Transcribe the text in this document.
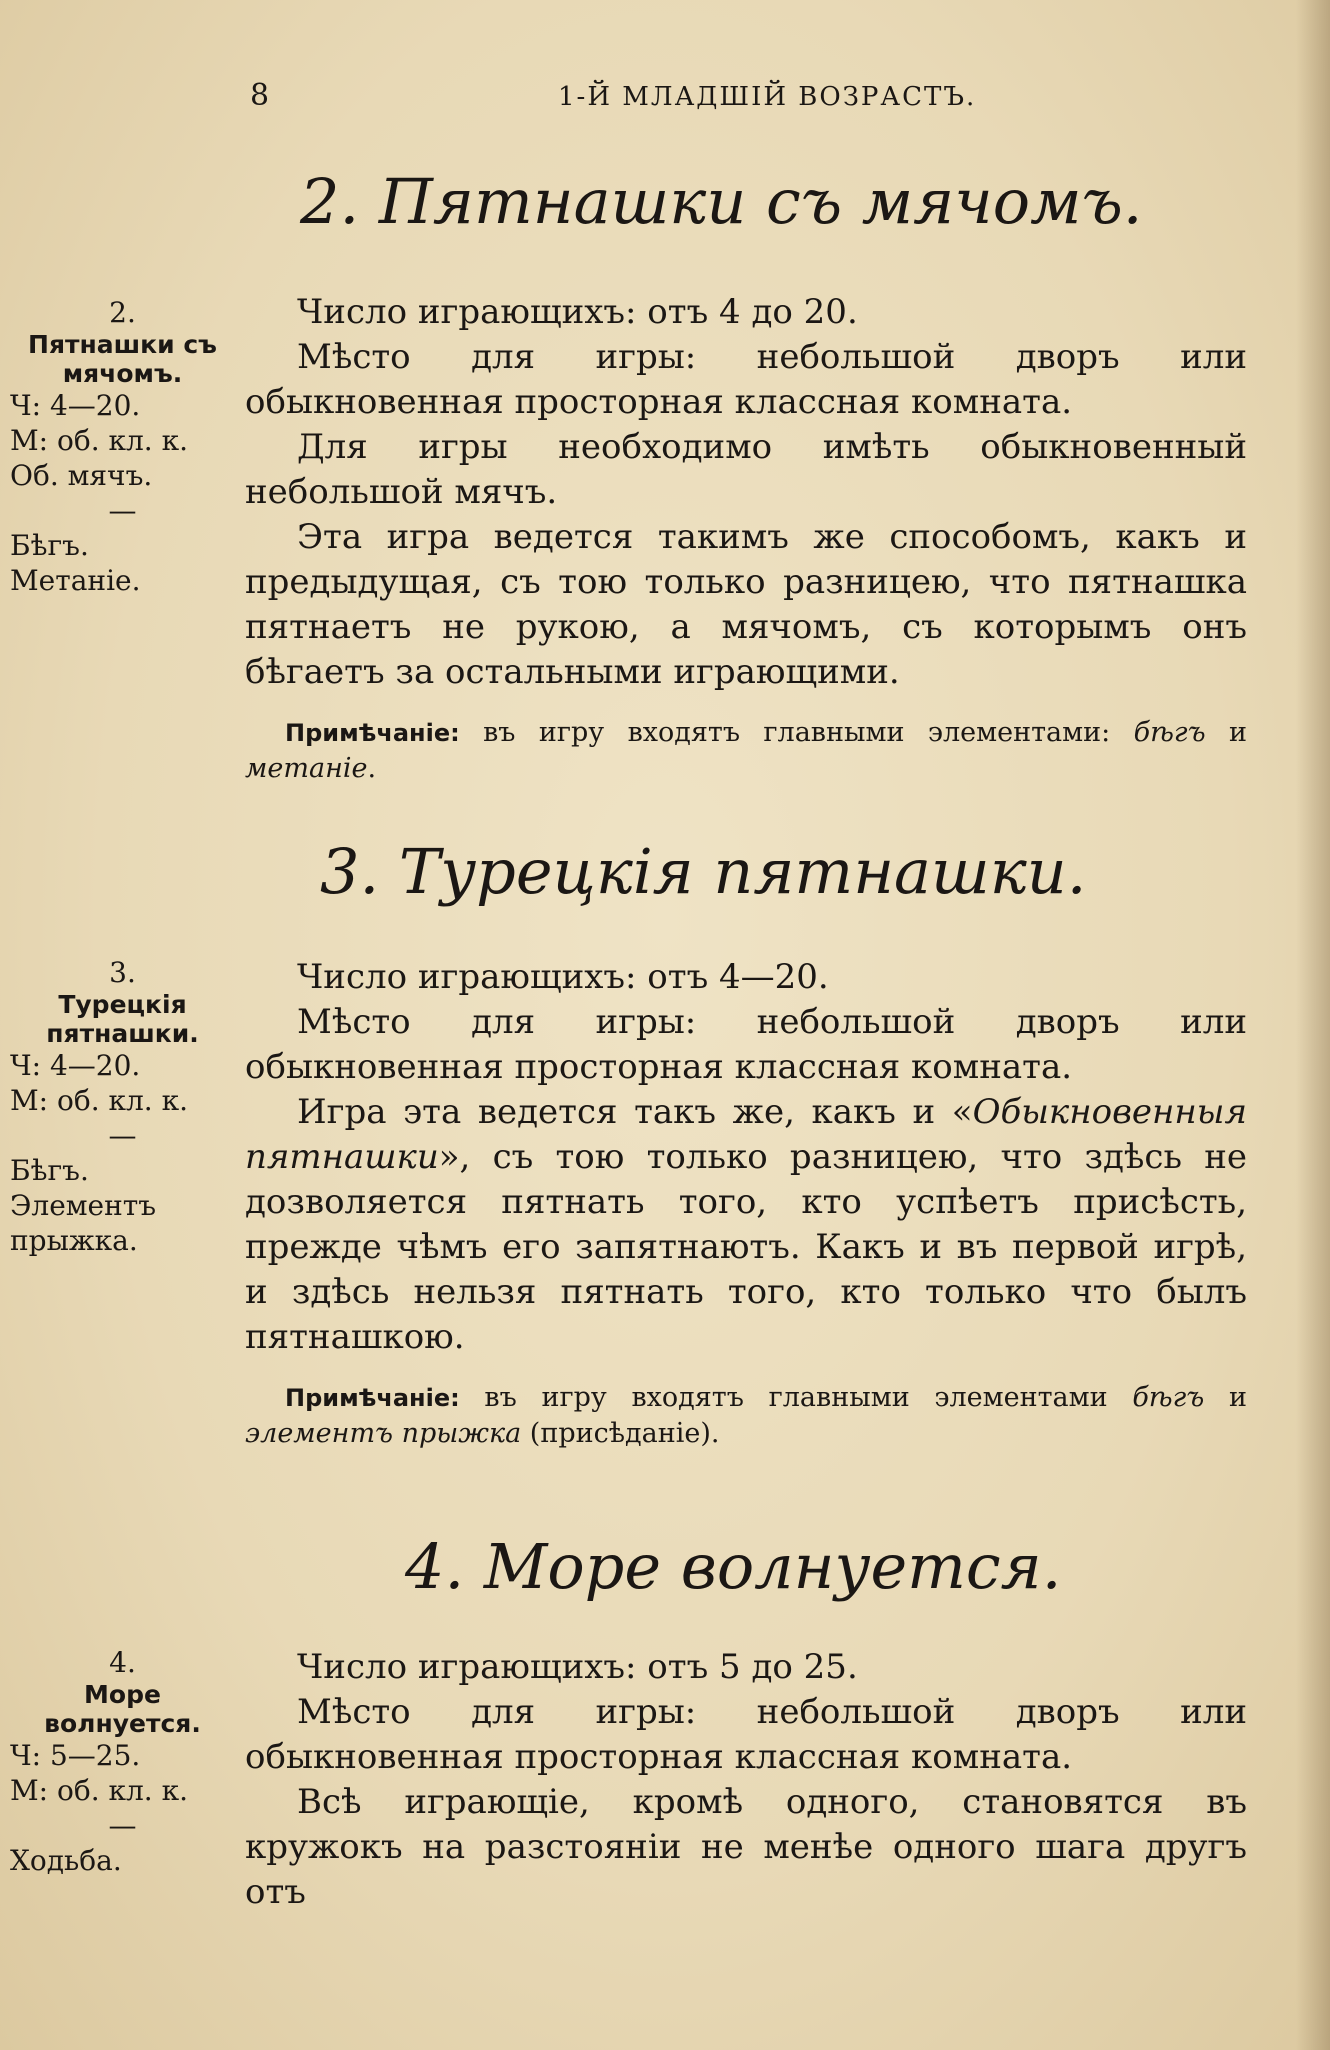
8	1-Й МЛАДШІЙ ВОЗРАСТЪ.
2. Пятнашки съ мячомъ.
2.
Пятнашки съ мячомъ.
Ч: 4—20.
М: об. кл. к.
Об. мячъ.
—
Бѣгъ.
Метаніе.

Число играющихъ: отъ 4 до 20.

Мѣсто для игры: небольшой дворъ или обыкновенная просторная классная комната.

Для игры необходимо имѣть обыкновенный небольшой мячъ.

Эта игра ведется такимъ же способомъ, какъ и предыдущая, съ тою только разницею, что пятнашка пятнаетъ не рукою, а мячомъ, съ которымъ онъ бѣгаетъ за остальными играющими.

Примѣчаніе: въ игру входятъ главными элементами: бѣгъ и метаніе.
3. Турецкія пятнашки.
3.
Турецкія пятнашки.
Ч: 4—20.
М: об. кл. к.
—
Бѣгъ.
Элементъ
прыжка.

Число играющихъ: отъ 4—20.

Мѣсто для игры: небольшой дворъ или обыкновенная просторная классная комната.

Игра эта ведется такъ же, какъ и «Обыкновенныя пятнашки», съ тою только разницею, что здѣсь не дозволяется пятнать того, кто успѣетъ присѣсть, прежде чѣмъ его запятнаютъ. Какъ и въ первой игрѣ, и здѣсь нельзя пятнать того, кто только что былъ пятнашкою.

Примѣчаніе: въ игру входятъ главными элементами бѣгъ и элементъ прыжка (присѣданіе).
4. Море волнуется.
4.
Море волнуется.
Ч: 5—25.
М: об. кл. к.
—
Ходьба.

Число играющихъ: отъ 5 до 25.

Мѣсто для игры: небольшой дворъ или обыкновенная просторная классная комната.

Всѣ играющіе, кромѣ одного, становятся въ кружокъ на разстояніи не менѣе одного шага другъ отъ
